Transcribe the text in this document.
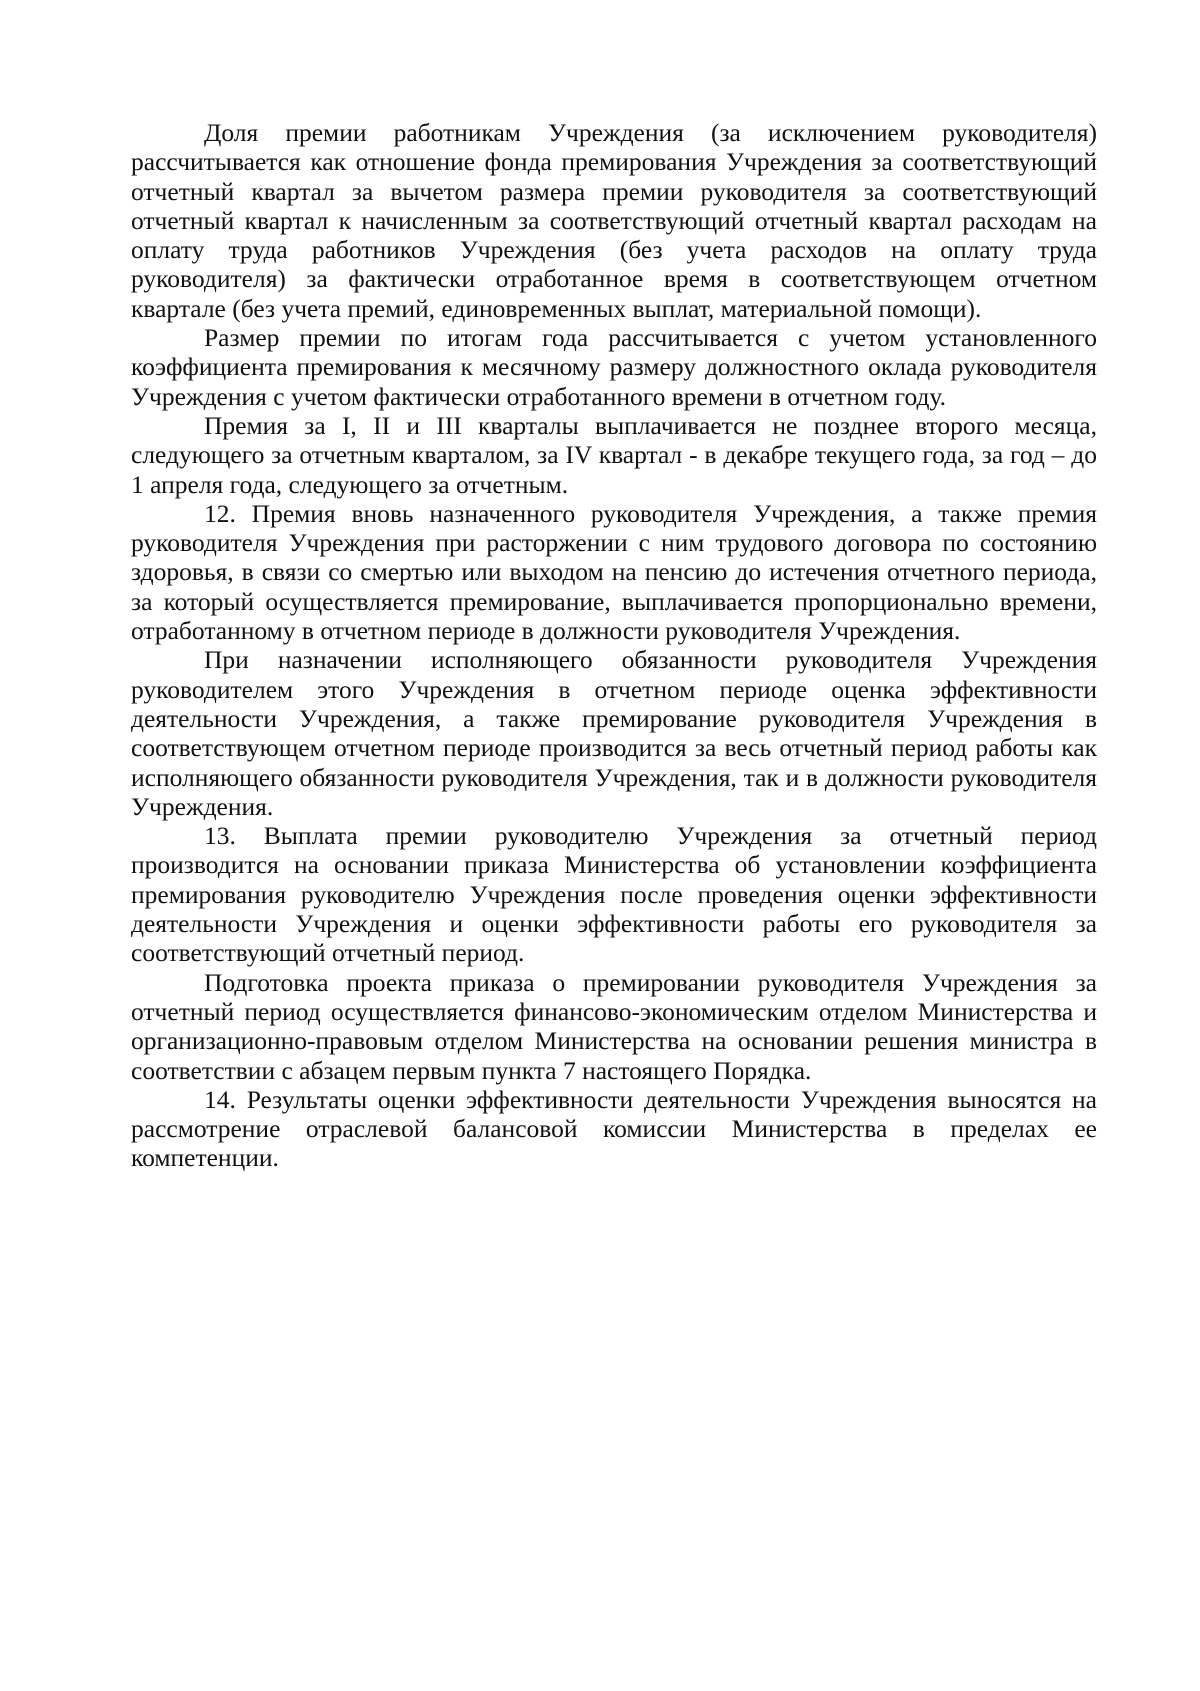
Доля премии работникам Учреждения (за исключением руководителя) рассчитывается как отношение фонда премирования Учреждения за соответствующий отчетный квартал за вычетом размера премии руководителя за соответствующий отчетный квартал к начисленным за соответствующий отчетный квартал расходам на оплату труда работников Учреждения (без учета расходов на оплату труда руководителя) за фактически отработанное время в соответствующем отчетном квартале (без учета премий, единовременных выплат, материальной помощи).

Размер премии по итогам года рассчитывается с учетом установленного коэффициента премирования к месячному размеру должностного оклада руководителя Учреждения с учетом фактически отработанного времени в отчетном году.

Премия за I, II и III кварталы выплачивается не позднее второго месяца, следующего за отчетным кварталом, за IV квартал - в декабре текущего года, за год – до 1 апреля года, следующего за отчетным.

12. Премия вновь назначенного руководителя Учреждения, а также премия руководителя Учреждения при расторжении с ним трудового договора по состоянию здоровья, в связи со смертью или выходом на пенсию до истечения отчетного периода, за который осуществляется премирование, выплачивается пропорционально времени, отработанному в отчетном периоде в должности руководителя Учреждения.

При назначении исполняющего обязанности руководителя Учреждения руководителем этого Учреждения в отчетном периоде оценка эффективности деятельности Учреждения, а также премирование руководителя Учреждения в соответствующем отчетном периоде производится за весь отчетный период работы как исполняющего обязанности руководителя Учреждения, так и в должности руководителя Учреждения.

13. Выплата премии руководителю Учреждения за отчетный период производится на основании приказа Министерства об установлении коэффициента премирования руководителю Учреждения после проведения оценки эффективности деятельности Учреждения и оценки эффективности работы его руководителя за соответствующий отчетный период.

Подготовка проекта приказа о премировании руководителя Учреждения за отчетный период осуществляется финансово-экономическим отделом Министерства и организационно-правовым отделом Министерства на основании решения министра в соответствии с абзацем первым пункта 7 настоящего Порядка.

14. Результаты оценки эффективности деятельности Учреждения выносятся на рассмотрение отраслевой балансовой комиссии Министерства в пределах ее компетенции.
